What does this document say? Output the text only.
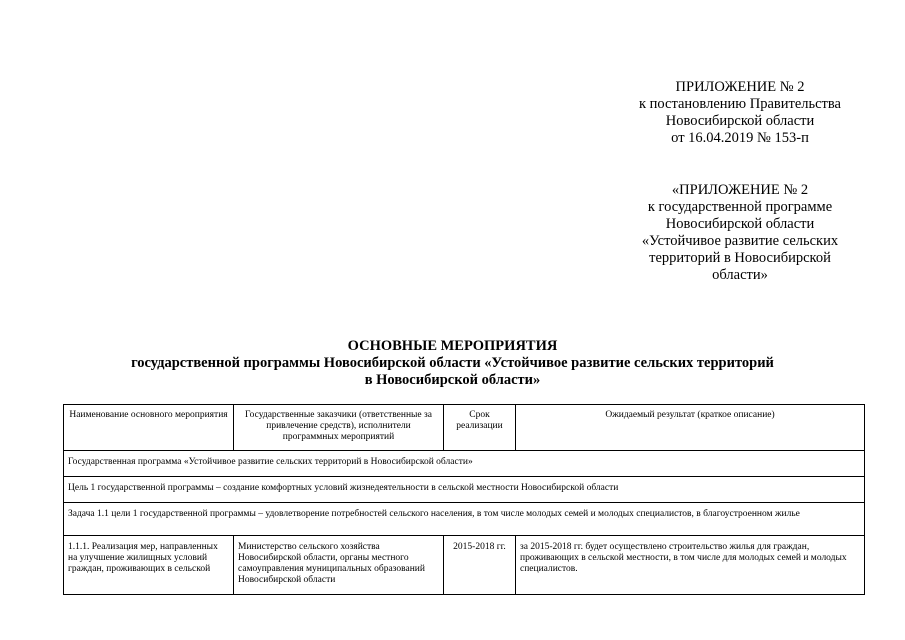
ПРИЛОЖЕНИЕ № 2
к постановлению Правительства
Новосибирской области
от 16.04.2019 № 153-п
«ПРИЛОЖЕНИЕ № 2
к государственной программе
Новосибирской области
«Устойчивое развитие сельских
территорий в Новосибирской
области»
ОСНОВНЫЕ МЕРОПРИЯТИЯ
государственной программы Новосибирской области «Устойчивое развитие сельских территорий
в Новосибирской области»
Наименование основного мероприятия	Государственные заказчики (ответственные за привлечение средств), исполнители программных мероприятий	Срок реализации	Ожидаемый результат (краткое описание)
Государственная программа «Устойчивое развитие сельских территорий в Новосибирской области»			
Цель 1 государственной программы – создание комфортных условий жизнедеятельности в сельской местности Новосибирской области			
Задача 1.1 цели 1 государственной программы – удовлетворение потребностей сельского населения, в том числе молодых семей и молодых специалистов, в благоустроенном жилье			
1.1.1. Реализация мер, направленных на улучшение жилищных условий граждан, проживающих в сельской	Министерство сельского хозяйства Новосибирской области, органы местного самоуправления муниципальных образований Новосибирской области	2015-2018 гг.	за 2015-2018 гг. будет осуществлено строительство жилья для граждан, проживающих в сельской местности, в том числе для молодых семей и молодых специалистов.
